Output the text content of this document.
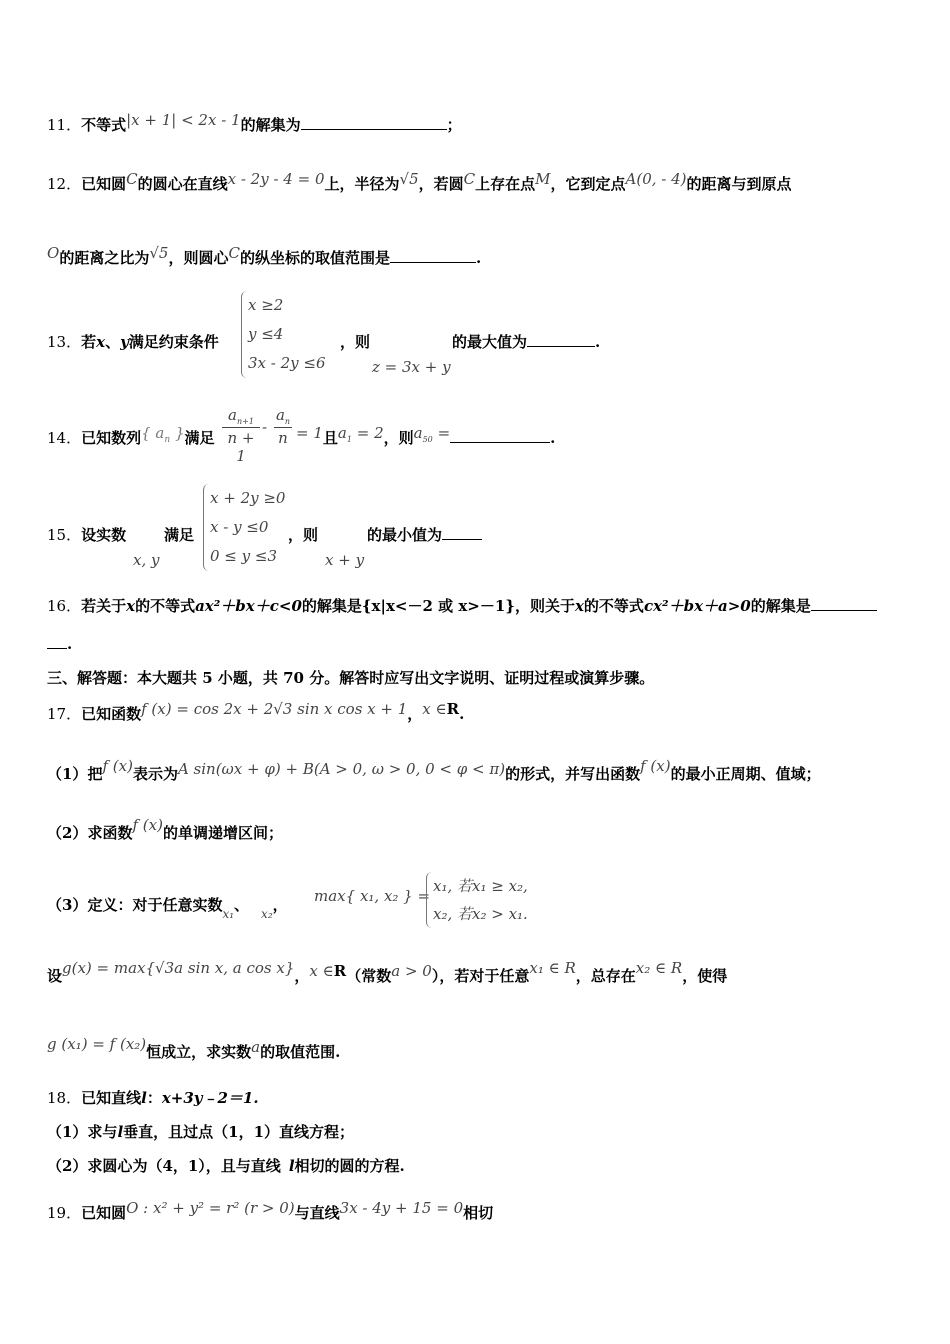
11．不等式|x + 1| < 2x - 1的解集为	；
12．已知圆C的圆心在直线x - 2y - 4 = 0上，半径为√5，若圆C上存在点M，它到定点A(0, - 4)的距离与到原点
O的距离之比为√5，则圆心C的纵坐标的取值范围是	.
13．若x、y满足约束条件
x ≥2
y ≤4
3x - 2y ≤6
，则
z = 3x + y
的最大值为	.
14．已知数列{ $a_n$ }满足
$a_{n+1}$
n + 1
-
$a_n$
n = 1且$a_1 = 2$，则$a_{50}$ =	.
15．设实数
x, y
满足
x + 2y ≥0
x - y ≤0
0 ≤ y ≤3
，则
x + y
的最小值为
16．若关于x的不等式ax²＋bx＋c<0的解集是{x|x<－2 或 x>－1}，则关于x的不等式cx²＋bx＋a>0的解集是
.
三、解答题：本大题共 5 小题，共 70 分。解答时应写出文字说明、证明过程或演算步骤。
17．已知函数f (x) = cos 2x + 2√3 sin x cos x + 1，x ∈R.
（1）把f (x)表示为A sin(ωx + φ) + B(A > 0, ω > 0, 0 < φ < π)的形式，并写出函数f (x)的最小正周期、值域；
（2）求函数f (x)的单调递增区间；
（3）定义：对于任意实数$_{x_1}$、 $_{x_2}$， max{ x₁, x₂ } =
x₁, 若x₁ ≥ x₂,
x₂, 若x₂ > x₁.
设g(x) = max{√3a sin x, a cos x}，x ∈R（常数a > 0），若对于任意x₁ ∈ R，总存在x₂ ∈ R，使得
g (x₁) = f (x₂)恒成立，求实数a的取值范围.
18．已知直线l：x+3y﹣2＝1.
（1）求与l垂直，且过点（1，1）直线方程；
（2）求圆心为（4，1），且与直线 l相切的圆的方程.
19．已知圆O : x² + y² = r² (r > 0)与直线3x - 4y + 15 = 0相切
